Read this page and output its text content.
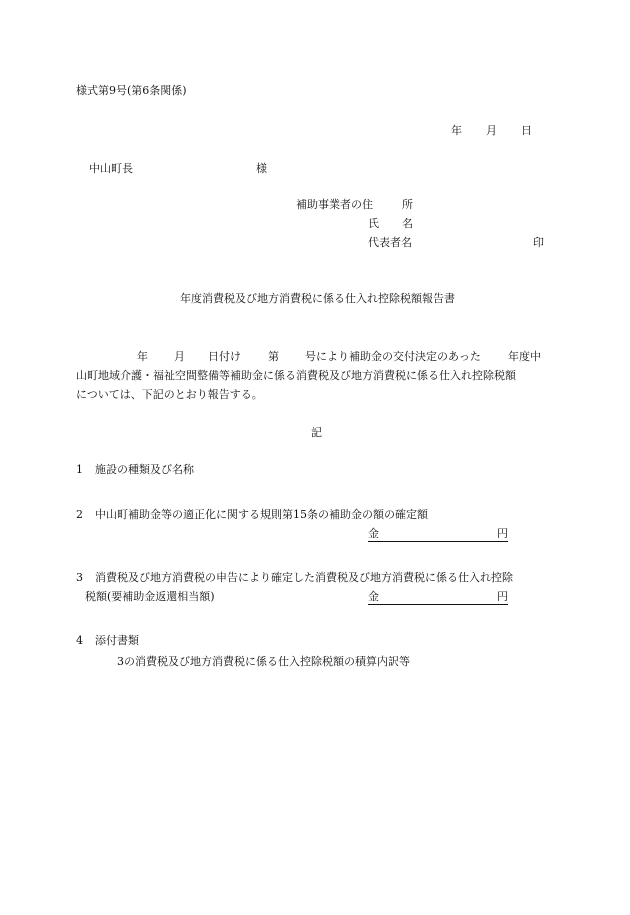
様式第9号(第6条関係)
年 月 日
中山町長	様
補助事業者の住	所
氏 名
代表者名	印
年度消費税及び地方消費税に係る仕入れ控除税額報告書
年 月 日付け 第 号により補助金の交付決定のあった 年度中
山町地域介護・福祉空間整備等補助金に係る消費税及び地方消費税に係る仕入れ控除税額
については、下記のとおり報告する。
記
1 施設の種類及び名称
2 中山町補助金等の適正化に関する規則第15条の補助金の額の確定額
金	円
3 消費税及び地方消費税の申告により確定した消費税及び地方消費税に係る仕入れ控除
税額(要補助金返還相当額)	金	円
4 添付書類
3の消費税及び地方消費税に係る仕入控除税額の積算内訳等
